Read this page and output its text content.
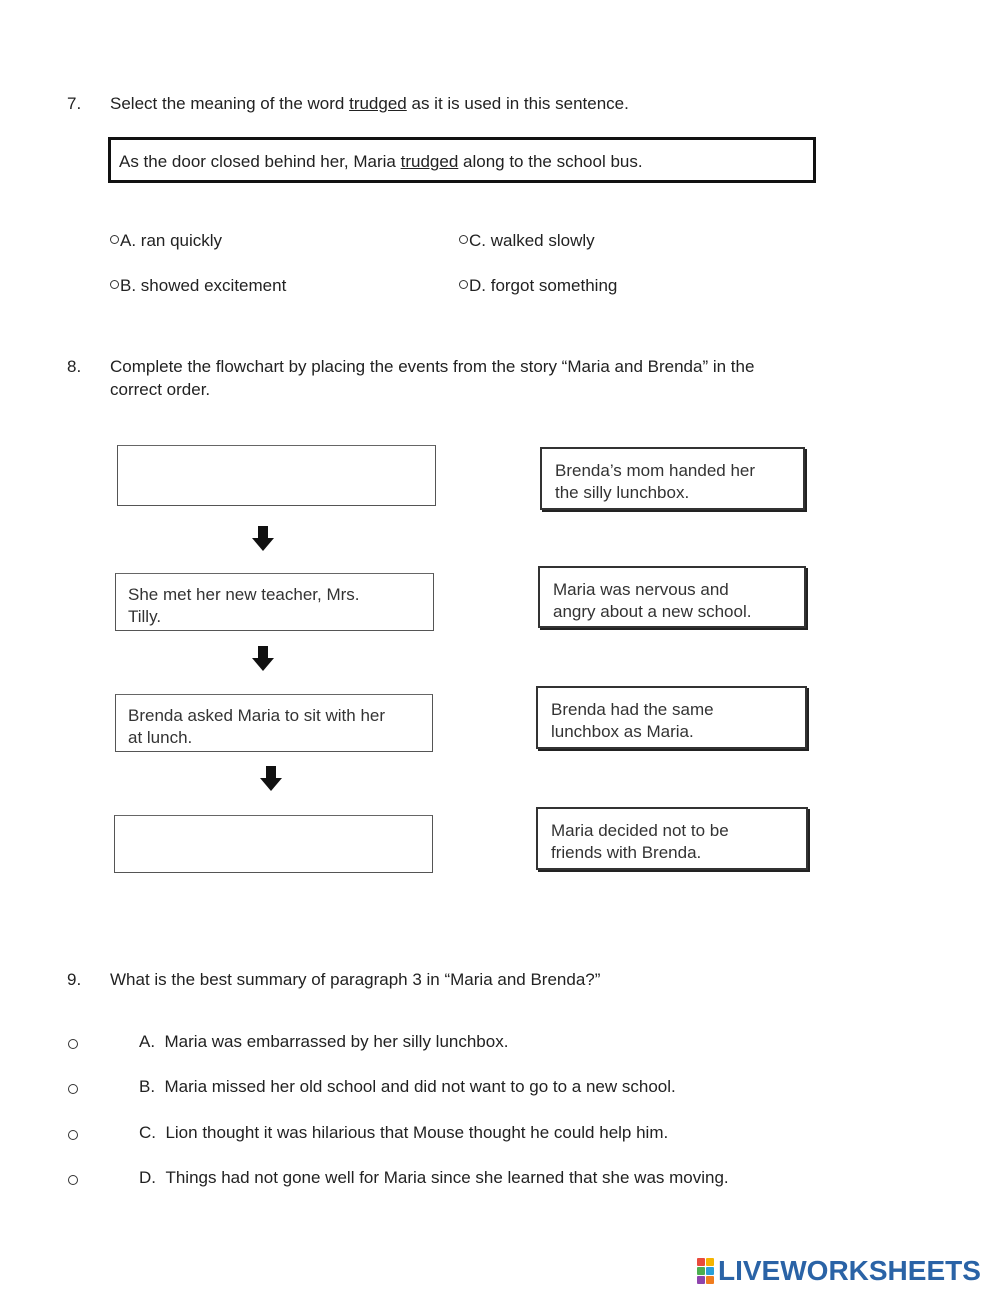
7. Select the meaning of the word trudged as it is used in this sentence.
As the door closed behind her, Maria trudged along to the school bus.
A. ran quickly
B. showed excitement
C. walked slowly
D. forgot something
8. Complete the flowchart by placing the events from the story “Maria and Brenda” in the
correct order.
She met her new teacher, Mrs.
Tilly.
Brenda asked Maria to sit with her
at lunch.
Brenda’s mom handed her
the silly lunchbox.
Maria was nervous and
angry about a new school.
Brenda had the same
lunchbox as Maria.
Maria decided not to be
friends with Brenda.
9. What is the best summary of paragraph 3 in “Maria and Brenda?”
A. Maria was embarrassed by her silly lunchbox.
B. Maria missed her old school and did not want to go to a new school.
C. Lion thought it was hilarious that Mouse thought he could help him.
D. Things had not gone well for Maria since she learned that she was moving.
LIVEWORKSHEETS
